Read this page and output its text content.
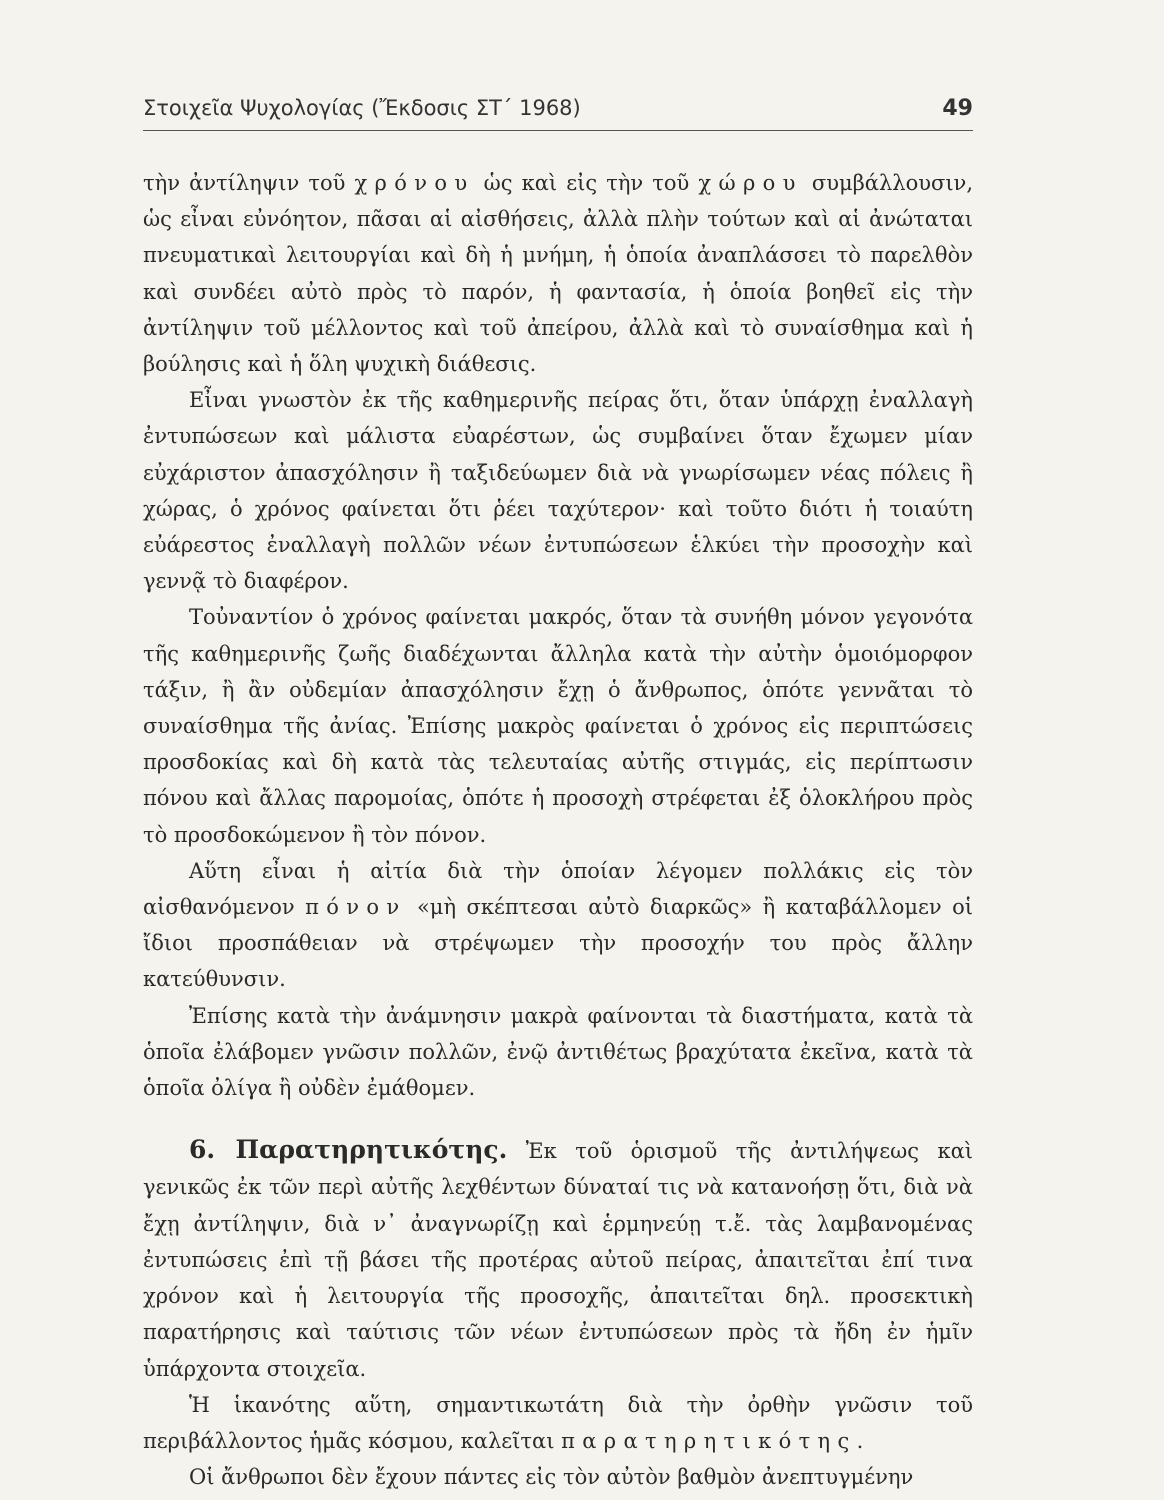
Στοιχεῖα Ψυχολογίας (Ἔκδοσις ΣΤ΄ 1968)	49

τὴν ἀντίληψιν τοῦ χρόνου ὡς καὶ εἰς τὴν τοῦ χώρου συμβάλλουσιν, ὡς εἶναι εὐνόητον, πᾶσαι αἱ αἰσθήσεις, ἀλλὰ πλὴν τούτων καὶ αἱ ἀνώταται πνευματικαὶ λειτουργίαι καὶ δὴ ἡ μνήμη, ἡ ὁποία ἀναπλάσσει τὸ παρελθὸν καὶ συνδέει αὐτὸ πρὸς τὸ παρόν, ἡ φαντασία, ἡ ὁποία βοηθεῖ εἰς τὴν ἀντίληψιν τοῦ μέλλοντος καὶ τοῦ ἀπείρου, ἀλλὰ καὶ τὸ συναίσθημα καὶ ἡ βούλησις καὶ ἡ ὅλη ψυχικὴ διάθεσις.

Εἶναι γνωστὸν ἐκ τῆς καθημερινῆς πείρας ὅτι, ὅταν ὑπάρχῃ ἐναλλαγὴ ἐντυπώσεων καὶ μάλιστα εὐαρέστων, ὡς συμβαίνει ὅταν ἔχωμεν μίαν εὐχάριστον ἀπασχόλησιν ἢ ταξιδεύωμεν διὰ νὰ γνωρίσωμεν νέας πόλεις ἢ χώρας, ὁ χρόνος φαίνεται ὅτι ῥέει ταχύτερον· καὶ τοῦτο διότι ἡ τοιαύτη εὐάρεστος ἐναλλαγὴ πολλῶν νέων ἐντυπώσεων ἑλκύει τὴν προσοχὴν καὶ γεννᾷ τὸ διαφέρον.

Τοὐναντίον ὁ χρόνος φαίνεται μακρός, ὅταν τὰ συνήθη μόνον γεγονότα τῆς καθημερινῆς ζωῆς διαδέχωνται ἄλληλα κατὰ τὴν αὐτὴν ὁμοιόμορφον τάξιν, ἢ ἂν οὐδεμίαν ἀπασχόλησιν ἔχῃ ὁ ἄνθρωπος, ὁπότε γεννᾶται τὸ συναίσθημα τῆς ἀνίας. Ἐπίσης μακρὸς φαίνεται ὁ χρόνος εἰς περιπτώσεις προσδοκίας καὶ δὴ κατὰ τὰς τελευταίας αὐτῆς στιγμάς, εἰς περίπτωσιν πόνου καὶ ἄλλας παρομοίας, ὁπότε ἡ προσοχὴ στρέφεται ἐξ ὁλοκλήρου πρὸς τὸ προσδοκώμενον ἢ τὸν πόνον.

Αὕτη εἶναι ἡ αἰτία διὰ τὴν ὁποίαν λέγομεν πολλάκις εἰς τὸν αἰσθανόμενον πόνον «μὴ σκέπτεσαι αὐτὸ διαρκῶς» ἢ καταβάλλομεν οἱ ἴδιοι προσπάθειαν νὰ στρέψωμεν τὴν προσοχήν του πρὸς ἄλλην κατεύθυνσιν.

Ἐπίσης κατὰ τὴν ἀνάμνησιν μακρὰ φαίνονται τὰ διαστήματα, κατὰ τὰ ὁποῖα ἐλάβομεν γνῶσιν πολλῶν, ἐνῷ ἀντιθέτως βραχύτατα ἐκεῖνα, κατὰ τὰ ὁποῖα ὀλίγα ἢ οὐδὲν ἐμάθομεν.

6. Παρατηρητικότης. Ἐκ τοῦ ὁρισμοῦ τῆς ἀντιλήψεως καὶ γενικῶς ἐκ τῶν περὶ αὐτῆς λεχθέντων δύναταί τις νὰ κατανοήσῃ ὅτι, διὰ νὰ ἔχῃ ἀντίληψιν, διὰ ν᾽ ἀναγνωρίζῃ καὶ ἑρμηνεύῃ τ.ἔ. τὰς λαμβανομένας ἐντυπώσεις ἐπὶ τῇ βάσει τῆς προτέρας αὐτοῦ πείρας, ἀπαιτεῖται ἐπί τινα χρόνον καὶ ἡ λειτουργία τῆς προσοχῆς, ἀπαιτεῖται δηλ. προσεκτικὴ παρατήρησις καὶ ταύτισις τῶν νέων ἐντυπώσεων πρὸς τὰ ἤδη ἐν ἡμῖν ὑπάρχοντα στοιχεῖα.

Ἡ ἱκανότης αὕτη, σημαντικωτάτη διὰ τὴν ὀρθὴν γνῶσιν τοῦ περιβάλλοντος ἡμᾶς κόσμου, καλεῖται παρατηρητικότης.

Οἱ ἄνθρωποι δὲν ἔχουν πάντες εἰς τὸν αὐτὸν βαθμὸν ἀνεπτυγμένην
